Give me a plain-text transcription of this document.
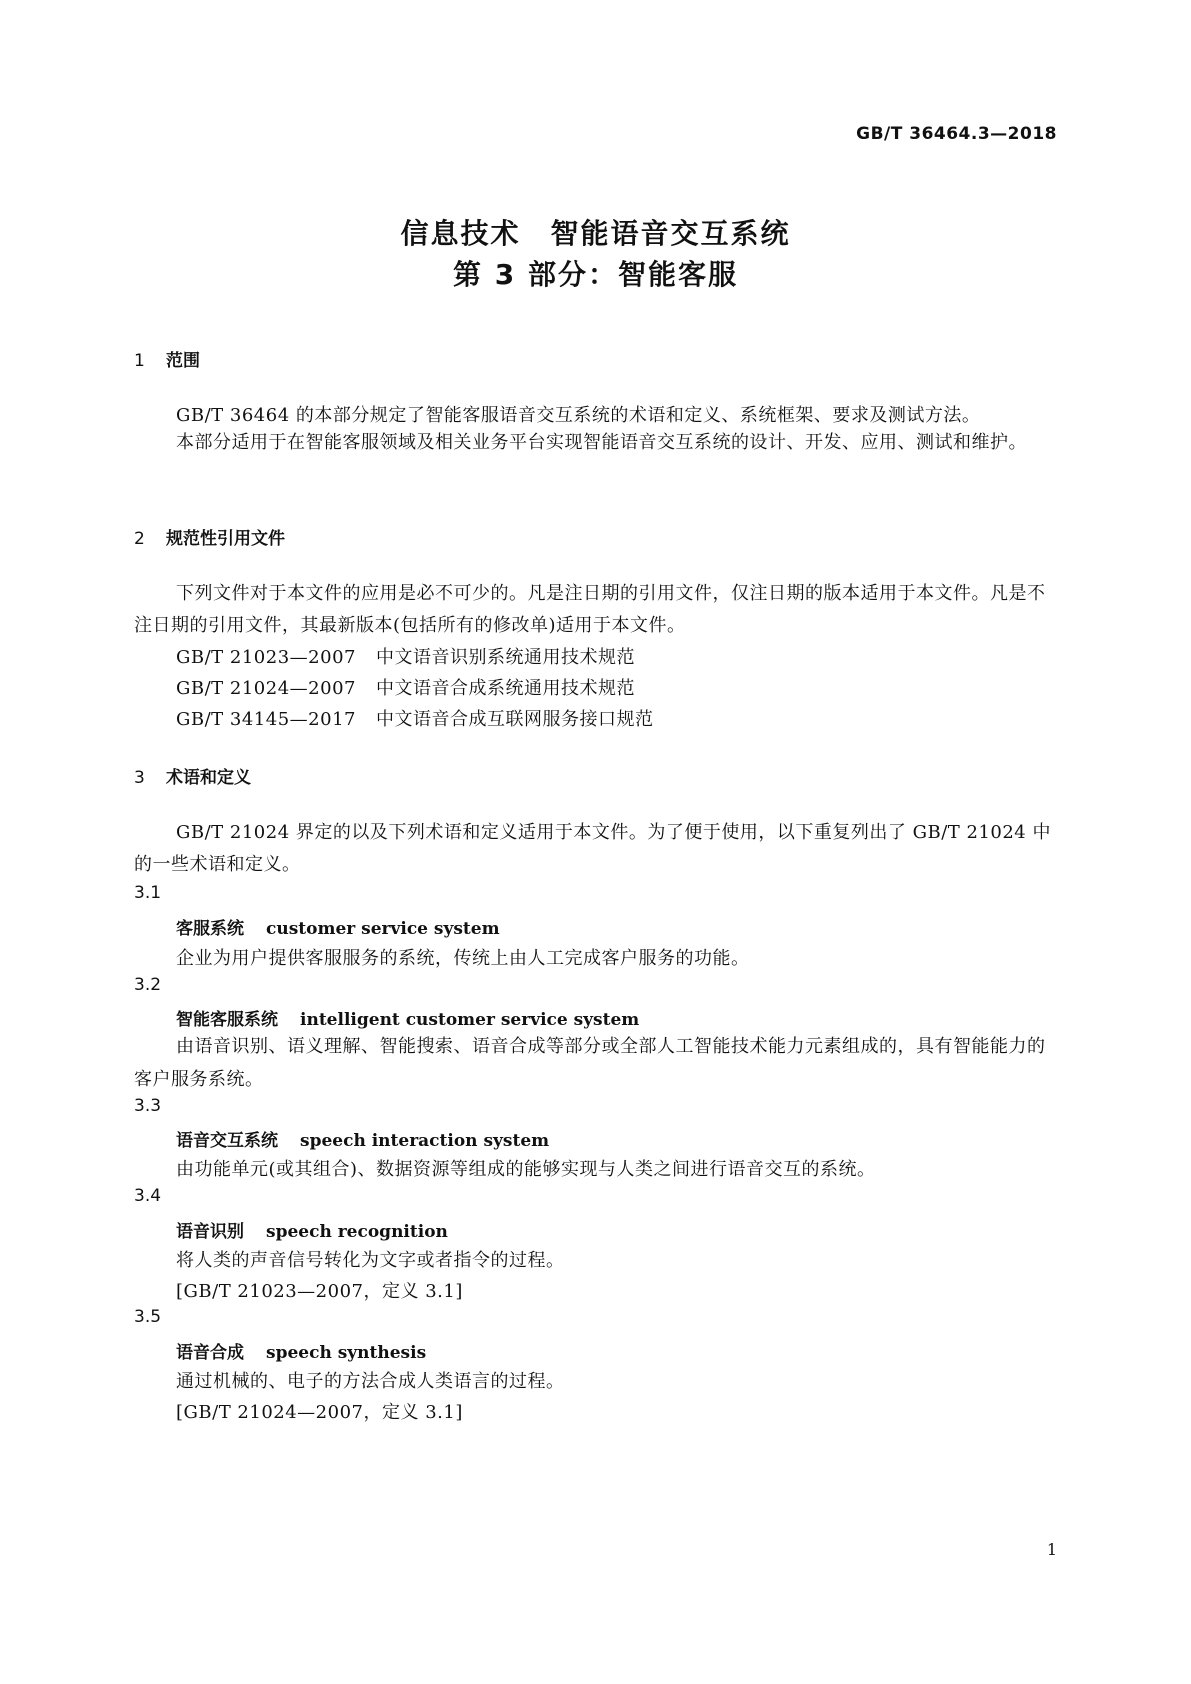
GB/T 36464.3—2018
信息技术　智能语音交互系统
第 3 部分：智能客服
1 范围
GB/T 36464 的本部分规定了智能客服语音交互系统的术语和定义、系统框架、要求及测试方法。
本部分适用于在智能客服领域及相关业务平台实现智能语音交互系统的设计、开发、应用、测试和维护。
2 规范性引用文件
下列文件对于本文件的应用是必不可少的。凡是注日期的引用文件，仅注日期的版本适用于本文件。凡是不注日期的引用文件，其最新版本(包括所有的修改单)适用于本文件。
GB/T 21023—2007 中文语音识别系统通用技术规范
GB/T 21024—2007 中文语音合成系统通用技术规范
GB/T 34145—2017 中文语音合成互联网服务接口规范
3 术语和定义
GB/T 21024 界定的以及下列术语和定义适用于本文件。为了便于使用，以下重复列出了 GB/T 21024 中的一些术语和定义。
3.1
客服系统 customer service system
企业为用户提供客服服务的系统，传统上由人工完成客户服务的功能。
3.2
智能客服系统 intelligent customer service system
由语音识别、语义理解、智能搜索、语音合成等部分或全部人工智能技术能力元素组成的，具有智能能力的客户服务系统。
3.3
语音交互系统 speech interaction system
由功能单元(或其组合)、数据资源等组成的能够实现与人类之间进行语音交互的系统。
3.4
语音识别 speech recognition
将人类的声音信号转化为文字或者指令的过程。
[GB/T 21023—2007，定义 3.1]
3.5
语音合成 speech synthesis
通过机械的、电子的方法合成人类语言的过程。
[GB/T 21024—2007，定义 3.1]
1
